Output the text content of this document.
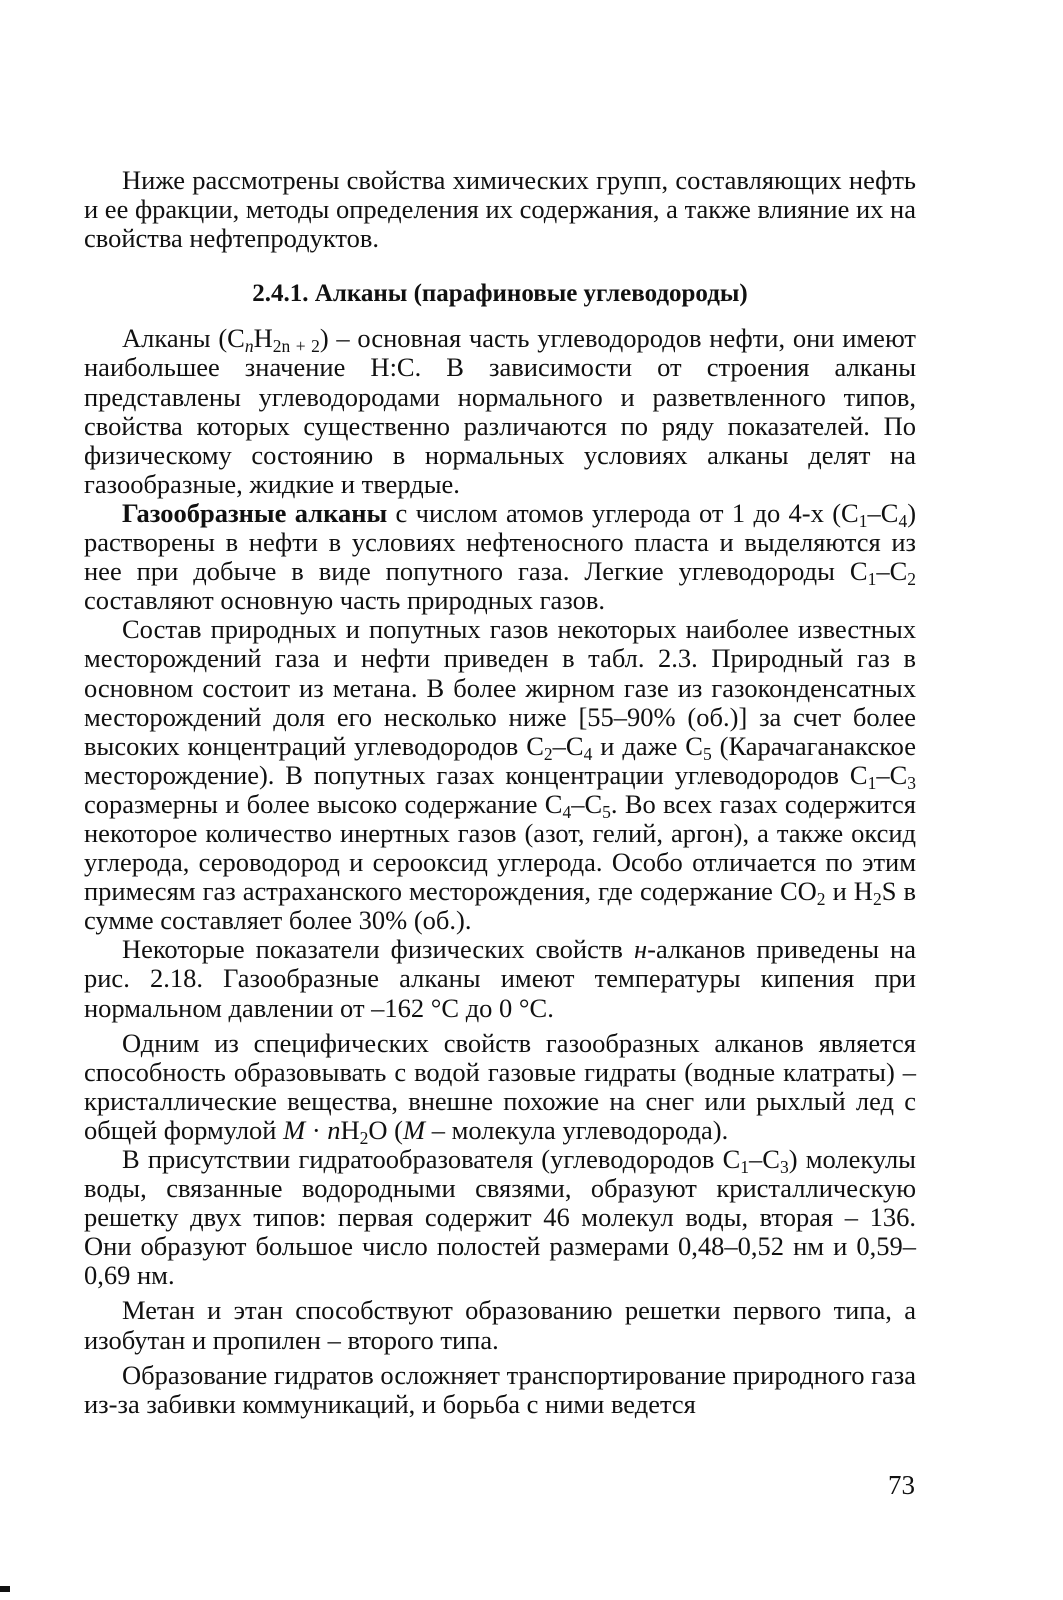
Ниже рассмотрены свойства химических групп, составляющих нефть и ее фракции, методы определения их содержания, а также влияние их на свойства нефтепродуктов.

2.4.1. Алканы (парафиновые углеводороды)

Алканы $(C_nH_{2n + 2})$ – основная часть углеводородов нефти, они имеют наибольшее значение H:C. В зависимости от строения алканы представлены углеводородами нормального и разветвленного типов, свойства которых существенно различаются по ряду показателей. По физическому состоянию в нормальных условиях алканы делят на газообразные, жидкие и твердые.

Газообразные алканы с числом атомов углерода от 1 до 4-х $(C_1-C_4)$ растворены в нефти в условиях нефтеносного пласта и выделяются из нее при добыче в виде попутного газа. Легкие углеводороды $C_1-C_2$ составляют основную часть природных газов.

Состав природных и попутных газов некоторых наиболее известных месторождений газа и нефти приведен в табл. 2.3. Природный газ в основном состоит из метана. В более жирном газе из газоконденсатных месторождений доля его несколько ниже [55–90% (об.)] за счет более высоких концентраций углеводородов $C_2-C_4$ и даже $C_5$ (Карачаганакское месторождение). В попутных газах концентрации углеводородов $C_1-C_3$ соразмерны и более высоко содержание $C_4-C_5$. Во всех газах содержится некоторое количество инертных газов (азот, гелий, аргон), а также оксид углерода, сероводород и серооксид углерода. Особо отличается по этим примесям газ астраханского месторождения, где содержание $CO_2$ и $H_2S$ в сумме составляет более 30% (об.).

Некоторые показатели физических свойств н-алканов приведены на рис. 2.18. Газообразные алканы имеют температуры кипения при нормальном давлении от –162 °С до 0 °С.

Одним из специфических свойств газообразных алканов является способность образовывать с водой газовые гидраты (водные клатраты) – кристаллические вещества, внешне похожие на снег или рыхлый лед с общей формулой $M \cdot nH_2O$ (M – молекула углеводорода).

В присутствии гидратообразователя (углеводородов $C_1-C_3$) молекулы воды, связанные водородными связями, образуют кристаллическую решетку двух типов: первая содержит 46 молекул воды, вторая – 136. Они образуют большое число полостей размерами 0,48–0,52 нм и 0,59–0,69 нм.

Метан и этан способствуют образованию решетки первого типа, а изобутан и пропилен – второго типа.

Образование гидратов осложняет транспортирование природного газа из-за забивки коммуникаций, и борьба с ними ведется

73
